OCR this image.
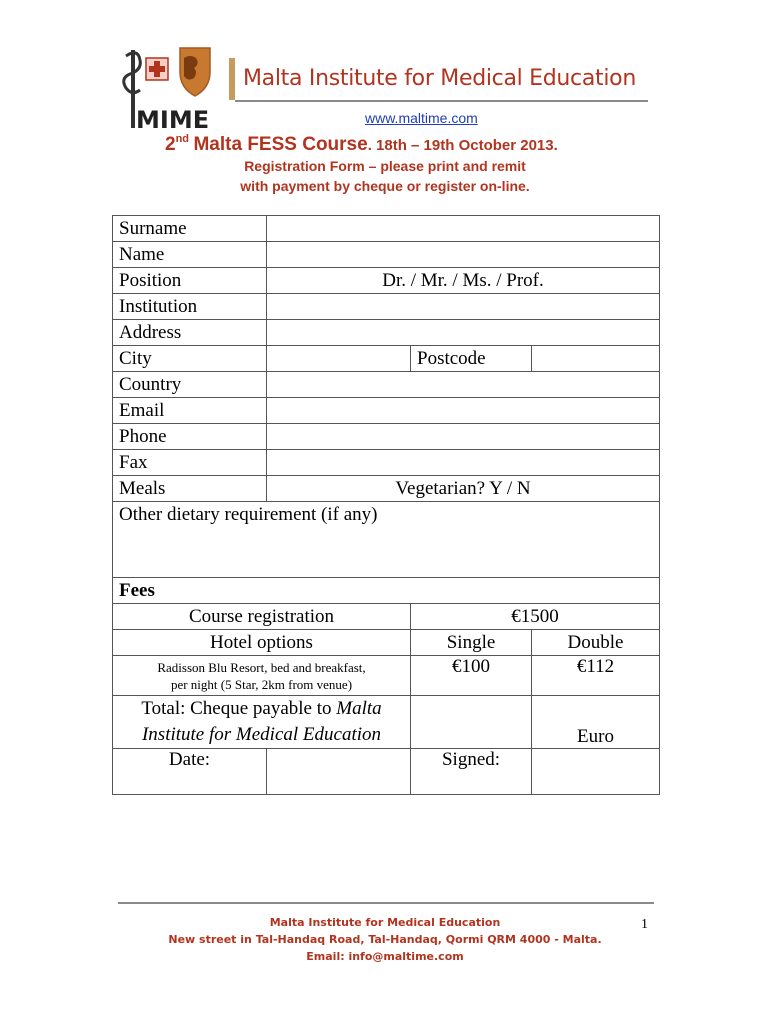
MIME
Malta Institute for Medical Education
www.maltime.com
2nd Malta FESS Course. 18th – 19th October 2013.
Registration Form – please print and remit
with payment by cheque or register on-line.
Surname			
Name			
Position	Dr. / Mr. / Ms. / Prof.		
Institution			
Address			
City		Postcode	
Country			
Email			
Phone			
Fax			
Meals	Vegetarian? Y / N		
Other dietary requirement (if any)			
Fees			
Course registration		€1500	
Hotel options		Single	Double

Radisson Blu Resort, bed and breakfast,
per night (5 Star, 2km from venue)		€100	€112
Total: Cheque payable to Malta
Institute for Medical Education			Euro
Date:		Signed:	
1
Malta Institute for Medical Education
New street in Tal-Handaq Road, Tal-Handaq, Qormi QRM 4000 - Malta.
Email: info@maltime.com
